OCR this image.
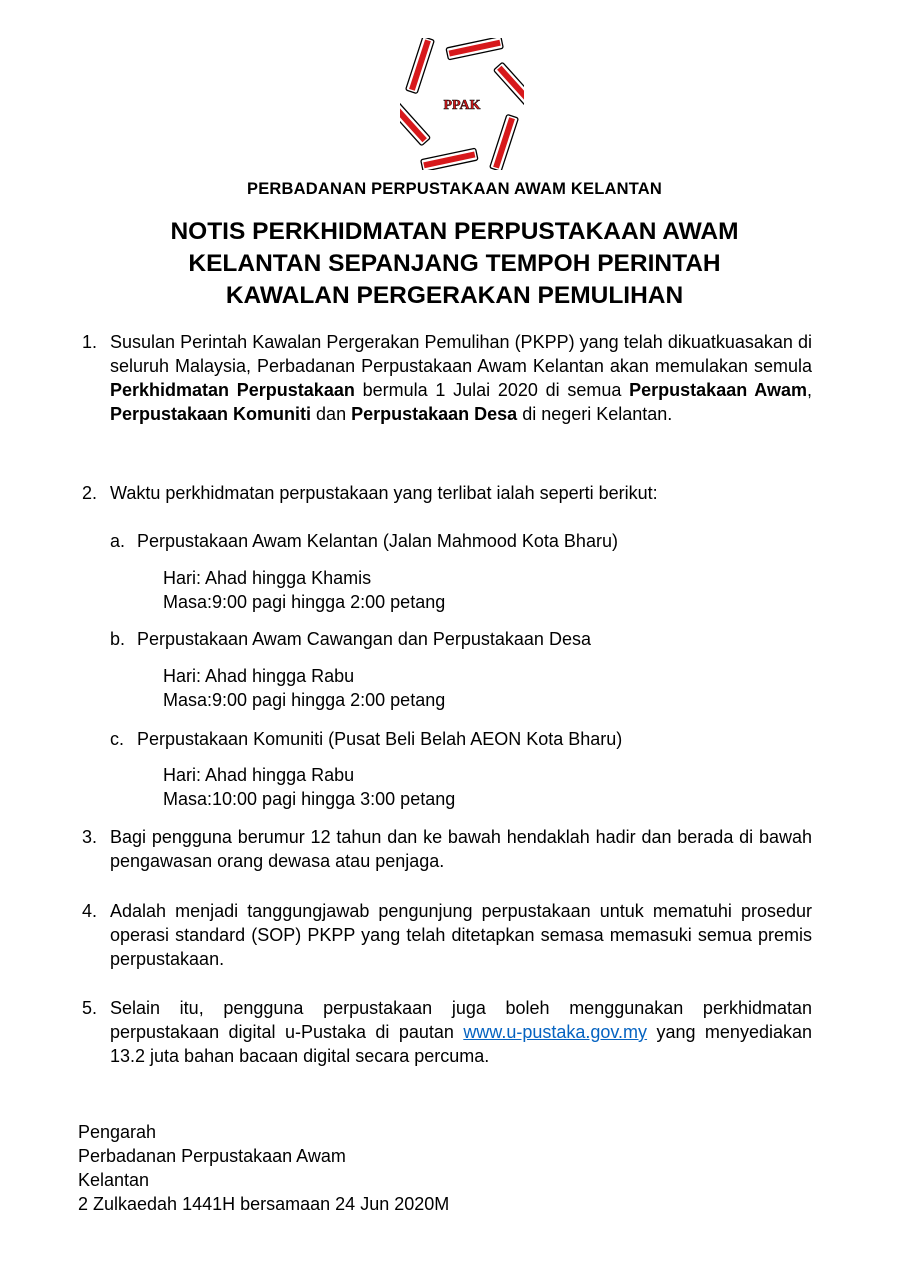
PPAK
PERBADANAN PERPUSTAKAAN AWAM KELANTAN
NOTIS PERKHIDMATAN PERPUSTAKAAN AWAM
KELANTAN SEPANJANG TEMPOH PERINTAH
KAWALAN PERGERAKAN PEMULIHAN
1. Susulan Perintah Kawalan Pergerakan Pemulihan (PKPP) yang telah dikuatkuasakan di seluruh Malaysia, Perbadanan Perpustakaan Awam Kelantan akan memulakan semula Perkhidmatan Perpustakaan bermula 1 Julai 2020 di semua Perpustakaan Awam, Perpustakaan Komuniti dan Perpustakaan Desa di negeri Kelantan.
2. Waktu perkhidmatan perpustakaan yang terlibat ialah seperti berikut:
a. Perpustakaan Awam Kelantan (Jalan Mahmood Kota Bharu)
Hari: Ahad hingga Khamis
Masa:9:00 pagi hingga 2:00 petang
b. Perpustakaan Awam Cawangan dan Perpustakaan Desa
Hari: Ahad hingga Rabu
Masa:9:00 pagi hingga 2:00 petang
c. Perpustakaan Komuniti (Pusat Beli Belah AEON Kota Bharu)
Hari: Ahad hingga Rabu
Masa:10:00 pagi hingga 3:00 petang
3. Bagi pengguna berumur 12 tahun dan ke bawah hendaklah hadir dan berada di bawah pengawasan orang dewasa atau penjaga.
4. Adalah menjadi tanggungjawab pengunjung perpustakaan untuk mematuhi prosedur operasi standard (SOP) PKPP yang telah ditetapkan semasa memasuki semua premis perpustakaan.
5. Selain itu, pengguna perpustakaan juga boleh menggunakan perkhidmatan perpustakaan digital u-Pustaka di pautan www.u-pustaka.gov.my yang menyediakan 13.2 juta bahan bacaan digital secara percuma.
Pengarah
Perbadanan Perpustakaan Awam
Kelantan
2 Zulkaedah 1441H bersamaan 24 Jun 2020M
